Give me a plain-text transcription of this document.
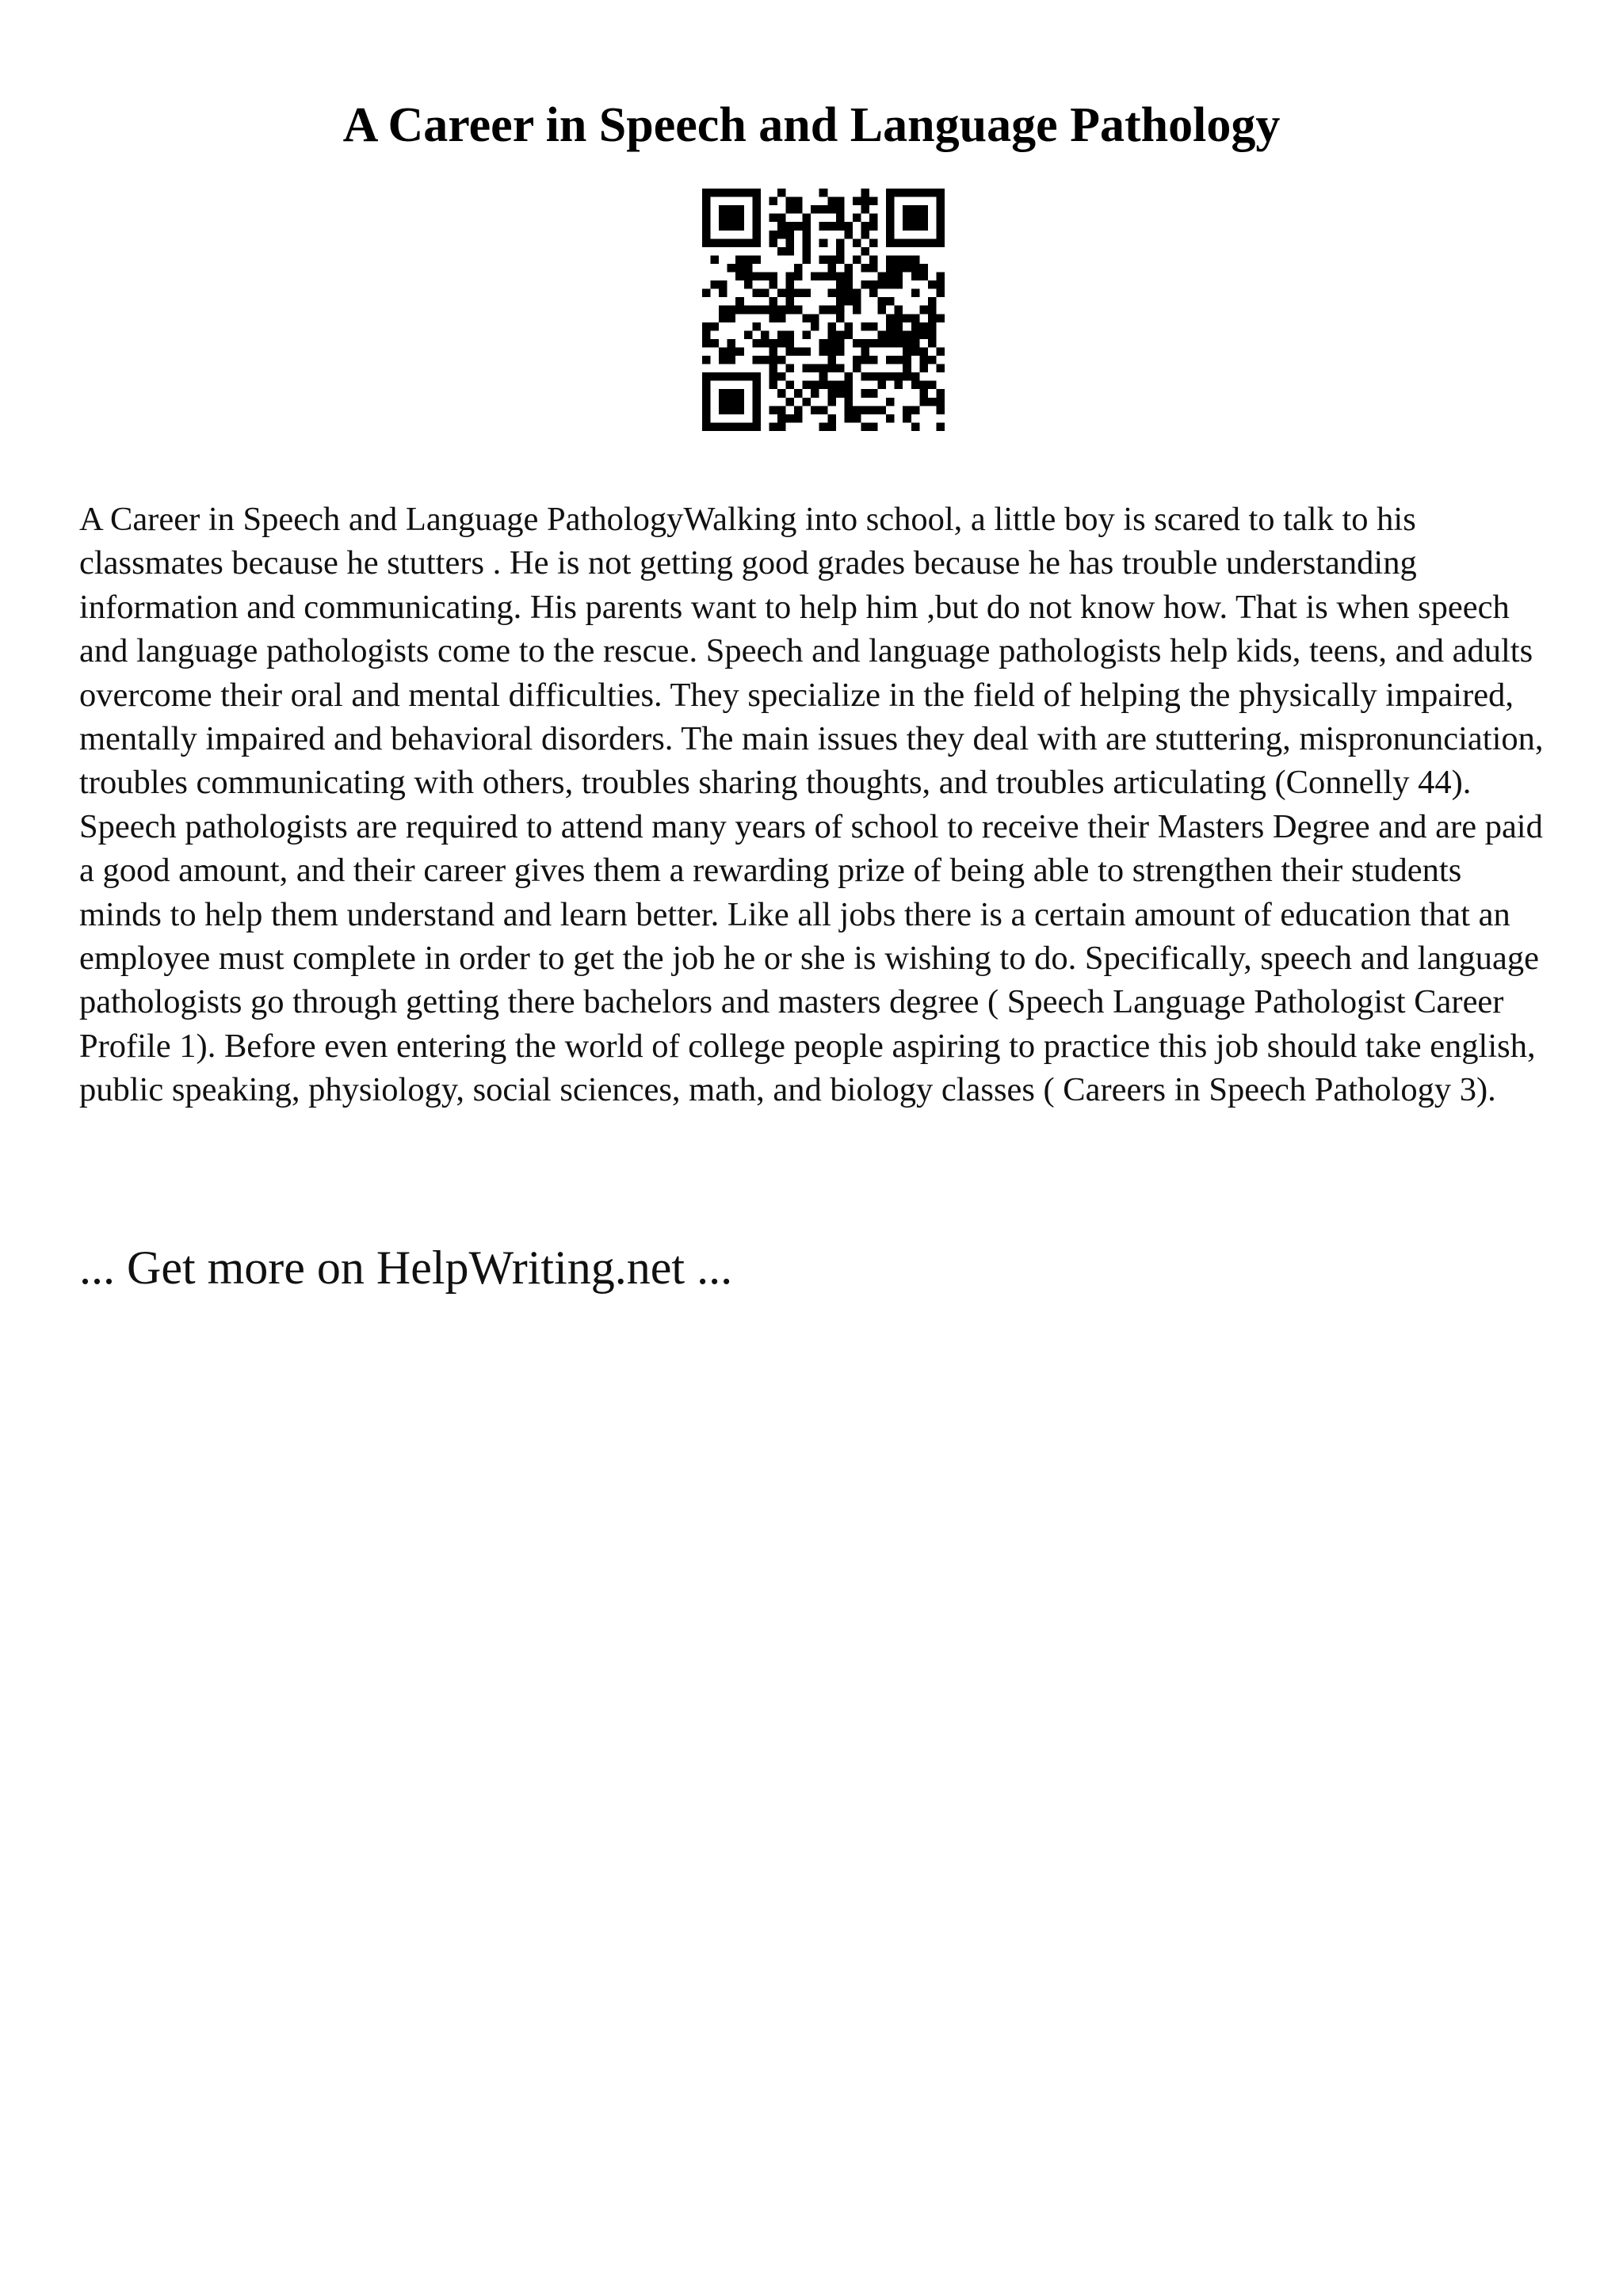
A Career in Speech and Language Pathology

A Career in Speech and Language PathologyWalking into school, a little boy is scared to talk to his classmates because he stutters . He is not getting good grades because he has trouble understanding information and communicating. His parents want to help him ,but do not know how. That is when speech and language pathologists come to the rescue. Speech and language pathologists help kids, teens, and adults overcome their oral and mental difficulties. They specialize in the field of helping the physically impaired, mentally impaired and behavioral disorders. The main issues they deal with are stuttering, mispronunciation, troubles communicating with others, troubles sharing thoughts, and troubles articulating (Connelly 44). Speech pathologists are required to attend many years of school to receive their Masters Degree and are paid a good amount, and their career gives them a rewarding prize of being able to strengthen their students minds to help them understand and learn better. Like all jobs there is a certain amount of education that an employee must complete in order to get the job he or she is wishing to do. Specifically, speech and language pathologists go through getting there bachelors and masters degree ( Speech Language Pathologist Career Profile 1). Before even entering the world of college people aspiring to practice this job should take english, public speaking, physiology, social sciences, math, and biology classes ( Careers in Speech Pathology 3).

... Get more on HelpWriting.net ...
